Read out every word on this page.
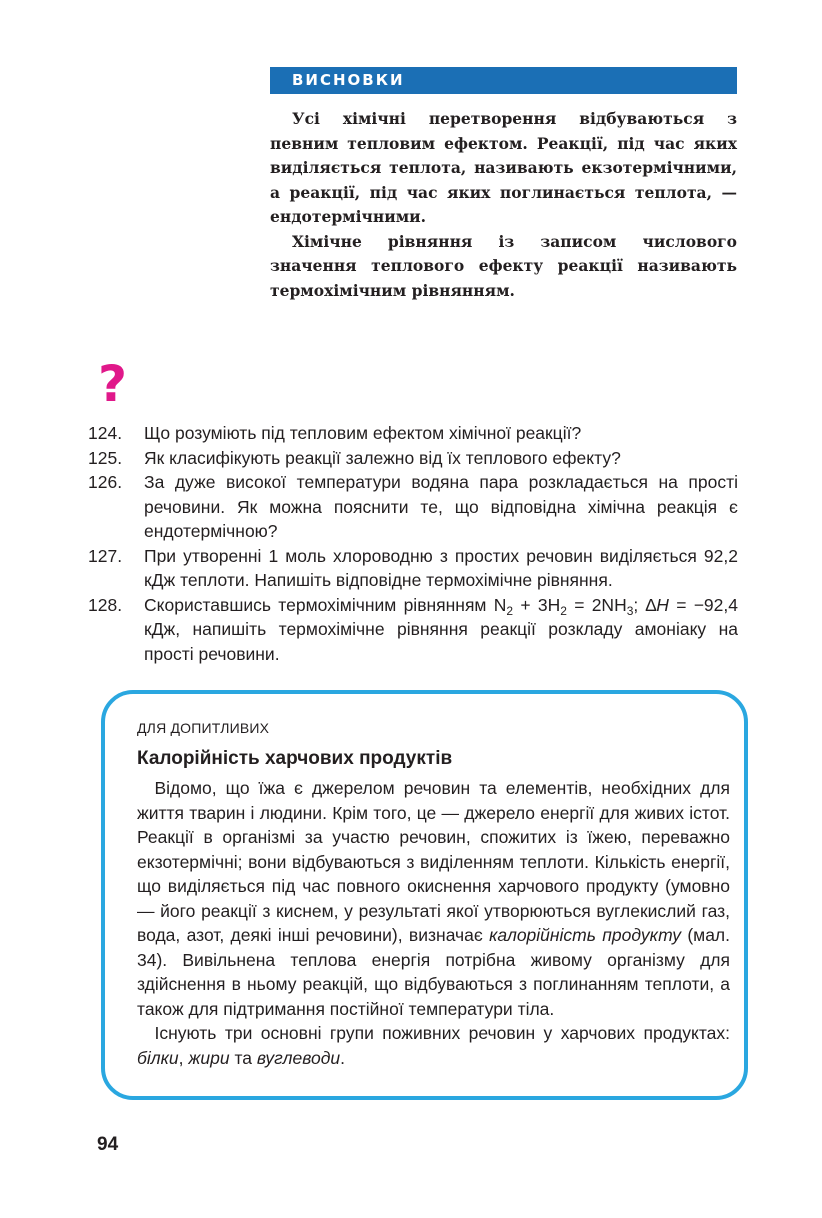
ВИСНОВКИ

Усі хімічні перетворення відбуваються з певним тепловим ефектом. Реакції, під час яких виділяється теплота, називають екзотермічними, а реакції, під час яких поглинається теплота, — ендотермічними.

Хімічне рівняння із записом числового значення теплового ефекту реакції називають термохімічним рівнянням.

?
124.	Що розуміють під тепловим ефектом хімічної реакції?
125.	Як класифікують реакції залежно від їх теплового ефекту?
126.	За дуже високої температури водяна пара розкладається на прості речовини. Як можна пояснити те, що відповідна хімічна реакція є ендотермічною?
127.	При утворенні 1 моль хлороводню з простих речовин виділяється 92,2 кДж теплоти. Напишіть відповідне термохімічне рівняння.
128.	Скориставшись термохімічним рівнянням $N_2 + 3H_2 = 2NH_3$; ∆H = −92,4 кДж, напишіть термохімічне рівняння реакції розкладу амоніаку на прості речовини.
ДЛЯ ДОПИТЛИВИХ
Калорійність харчових продуктів

 Відомо, що їжа є джерелом речовин та елементів, необхідних для життя тварин і людини. Крім того, це — джерело енергії для живих істот. Реакції в організмі за участю речовин, спожитих із їжею, переважно екзотермічні; вони відбуваються з виділенням теплоти. Кількість енергії, що виділяється під час повного окиснення харчового продукту (умовно — його реакції з киснем, у результаті якої утворюються вуглекислий газ, вода, азот, деякі інші речовини), визначає калорійність продукту (мал. 34). Вивільнена теплова енергія потрібна живому організму для здійснення в ньому реакцій, що відбуваються з поглинанням теплоти, а також для підтримання постійної температури тіла.

 Існують три основні групи поживних речовин у харчових продуктах: білки, жири та вуглеводи.

94
